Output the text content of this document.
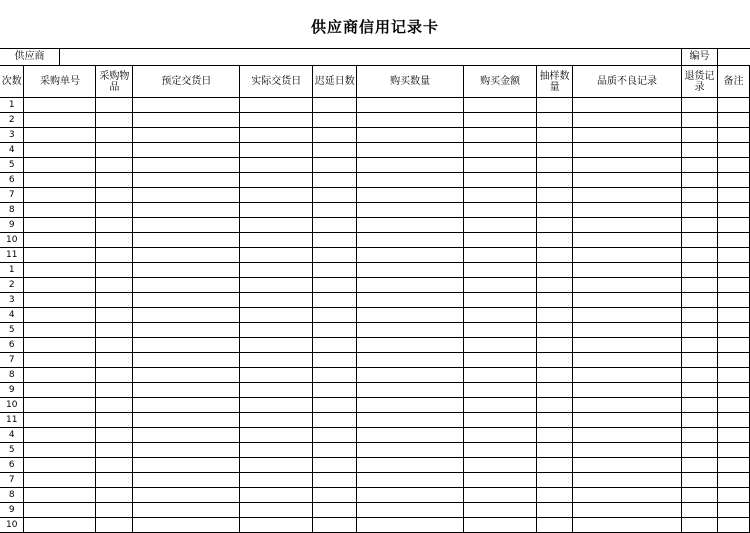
供应商信用记录卡
供应商	编号
次数	采购单号	采购物品	预定交货日	实际交货日	迟延日数	购买数量	购买金额	抽样数量	品质不良记录	退货记录	备注
1											
2											
3											
4											
5											
6											
7											
8											
9											
10											
11											
1											
2											
3											
4											
5											
6											
7											
8											
9											
10											
11											
4											
5											
6											
7											
8											
9											
10											
